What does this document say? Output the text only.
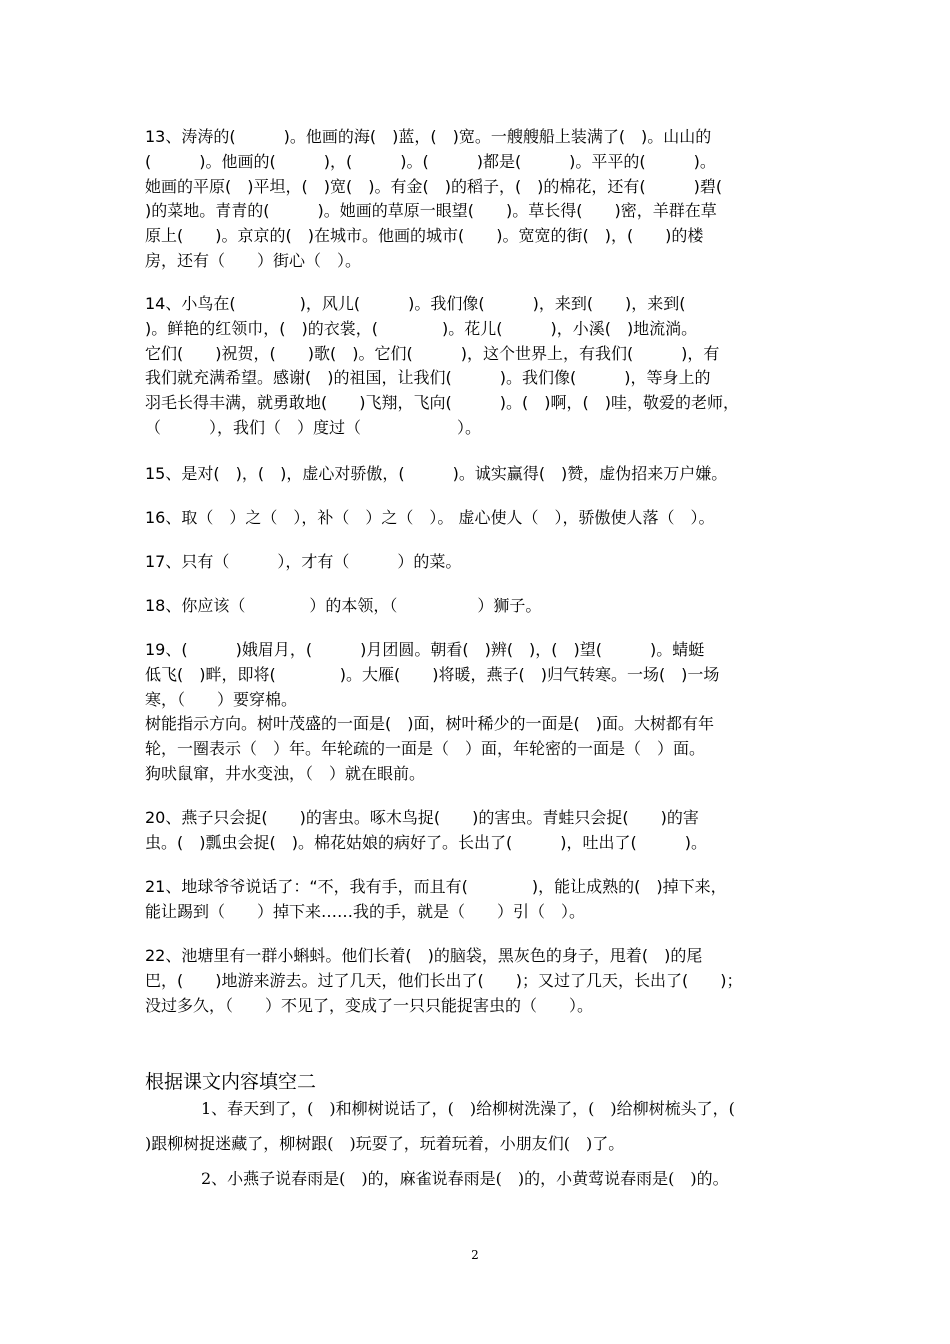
13、涛涛的(　　　)。他画的海(　)蓝，(　)宽。一艘艘船上装满了(　)。山山的
(　　　)。他画的(　　　)，(　　　)。(　　　)都是(　　　)。平平的(　　　)。
她画的平原(　)平坦，(　)宽(　)。有金(　)的稻子，(　)的棉花，还有(　　　)碧(
)的菜地。青青的(　　　)。她画的草原一眼望(　　)。草长得(　　)密，羊群在草
原上(　　)。京京的(　)在城市。他画的城市(　　)。宽宽的街(　)，(　　)的楼
房，还有（　　）街心（　）。
14、小鸟在(　　　　)，风儿(　　　)。我们像(　　　)，来到(　　)，来到(
)。鲜艳的红领巾，(　)的衣裳，(　　　　)。花儿(　　　)，小溪(　)地流淌。
它们(　　)祝贺，(　　)歌(　)。它们(　　　)，这个世界上，有我们(　　　)，有
我们就充满希望。感谢(　)的祖国，让我们(　　　)。我们像(　　　)，等身上的
羽毛长得丰满，就勇敢地(　　)飞翔，飞向(　　　)。(　)啊，(　)哇，敬爱的老师，
（　　　），我们（　）度过（　　　　　　）。
15、是对(　)，(　)，虚心对骄傲，(　　　)。诚实赢得(　)赞，虚伪招来万户嫌。
16、取（　）之（　），补（　）之（　）。 虚心使人（　），骄傲使人落（　）。
17、只有（　　　），才有（　　　）的菜。
18、你应该（　　　　）的本领，（　　　　　）狮子。
19、(　　　)娥眉月，(　　　)月团圆。朝看(　)辨(　)，(　)望(　　　)。蜻蜓
低飞(　)畔，即将(　　　　)。大雁(　　)将暖，燕子(　)归气转寒。一场(　)一场
寒，（　　）要穿棉。
树能指示方向。树叶茂盛的一面是(　)面，树叶稀少的一面是(　)面。大树都有年
轮，一圈表示（　）年。年轮疏的一面是（　）面，年轮密的一面是（　）面。
狗吠鼠窜，井水变浊，（　）就在眼前。
20、燕子只会捉(　　)的害虫。啄木鸟捉(　　)的害虫。青蛙只会捉(　　)的害
虫。(　)瓢虫会捉(　)。棉花姑娘的病好了。长出了(　　　)，吐出了(　　　)。
21、地球爷爷说话了：“不，我有手，而且有(　　　　)，能让成熟的(　)掉下来，
能让踢到（　　）掉下来……我的手，就是（　　）引（　）。
22、池塘里有一群小蝌蚪。他们长着(　)的脑袋，黑灰色的身子，甩着(　)的尾
巴，(　　)地游来游去。过了几天，他们长出了(　　)；又过了几天，长出了(　　)；
没过多久，（　　）不见了，变成了一只只能捉害虫的（　　）。
根据课文内容填空二
1、春天到了，(　)和柳树说话了，(　)给柳树洗澡了，(　)给柳树梳头了，(
)跟柳树捉迷藏了，柳树跟(　)玩耍了，玩着玩着，小朋友们(　)了。
2、小燕子说春雨是(　)的，麻雀说春雨是(　)的，小黄莺说春雨是(　)的。
2
